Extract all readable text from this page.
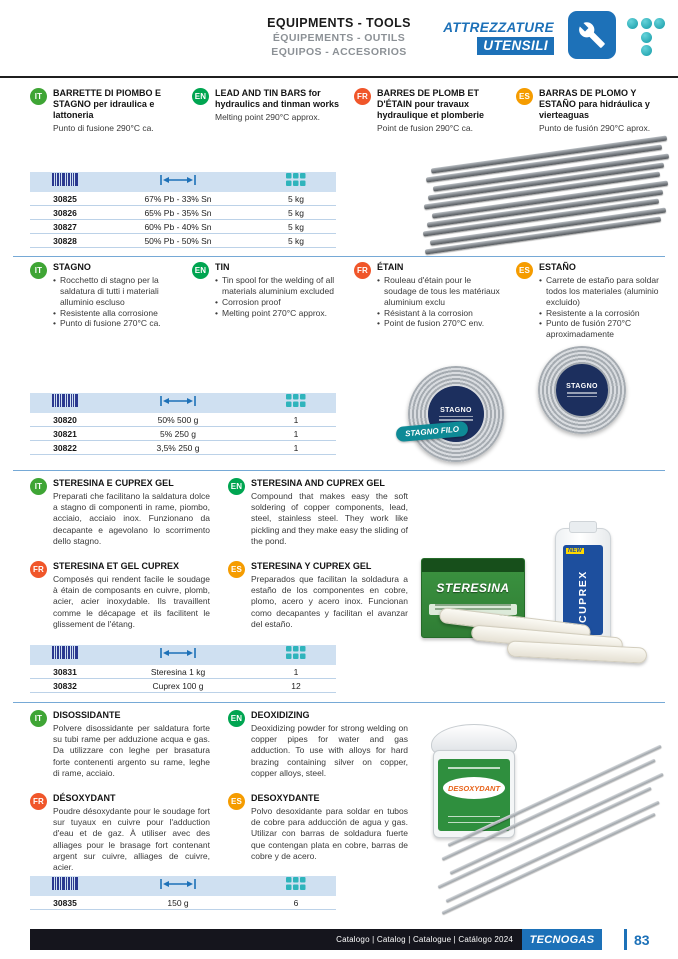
EQUIPMENTS - TOOLS
ÉQUIPEMENTS - OUTILS
EQUIPOS - ACCESORIOS
ATTREZZATURE
UTENSILI
IT	BARRETTE DI PIOMBO E STAGNO per idraulica e lattoneria
Punto di fusione 290°C ca.
EN LEAD AND TIN BARS for hydraulics and tinman works
Melting point 290°C approx.
FR BARRES DE PLOMB ET D'ÉTAIN pour travaux hydraulique et plomberie
Point de fusion 290°C ca.
ES BARRAS DE PLOMO Y ESTAÑO para hidráulica y vierteaguas
Punto de fusión 290°C aprox.
30825	67% Pb - 33% Sn	5 kg
30826	65% Pb - 35% Sn	5 kg
30827	60% Pb - 40% Sn	5 kg
30828	50% Pb - 50% Sn	5 kg
IT	STAGNO
• Rocchetto di stagno per la saldatura di tutti i materiali alluminio escluso
• Resistente alla corrosione
• Punto di fusione 270°C ca.
EN TIN
• Tin spool for the welding of all materials aluminium excluded
• Corrosion proof
• Melting point 270°C approx.
FR ÉTAIN
• Rouleau d'étain pour le soudage de tous les matériaux aluminium exclu
• Résistant à la corrosion
• Point de fusion 270°C env.
ES ESTAÑO
• Carrete de estaño para soldar todos los materiales (aluminio excluido)
• Resistente a la corrosión
• Punto de fusión 270°C aproximadamente
30820	50% 500 g	1
30821	5% 250 g	1
30822	3,5% 250 g	1
STAGNO
STAGNO
STAGNO FILO
IT	STERESINA E CUPREX GEL
Preparati che facilitano la saldatura dolce a stagno di componenti in rame, piombo, acciaio, acciaio inox. Funzionano da decapante e agevolano lo scorrimento dello stagno.
EN STERESINA AND CUPREX GEL
Compound that makes easy the soft soldering of copper components, lead, steel, stainless steel. They work like pickling and they make easy the sliding of the pond.
FR STERESINA ET GEL CUPREX
Composés qui rendent facile le soudage à étain de composants en cuivre, plomb, acier, acier inoxydable. Ils travaillent comme le décapage et ils facilitent le glissement de l'étang.
ES STERESINA Y CUPREX GEL
Preparados que facilitan la soldadura a estaño de los componentes en cobre, plomo, acero y acero inox. Funcionan como decapantes y facilitan el avanzar del estaño.
30831	Steresina 1 kg	1
30832	Cuprex 100 g	12
STERESINA
NEW
CUPREX
IT	DISOSSIDANTE
Polvere disossidante per saldatura forte su tubi rame per adduzione acqua e gas. Da utilizzare con leghe per brasatura forte contenenti argento su rame, leghe di rame, acciaio.
EN DEOXIDIZING
Deoxidizing powder for strong welding on copper pipes for water and gas adduction. To use with alloys for hard brazing containing silver on copper, copper alloys, steel.
FR DÉSOXYDANT
Poudre désoxydante pour le soudage fort sur tuyaux en cuivre pour l'adduction d'eau et de gaz. À utiliser avec des alliages pour le brasage fort contenant argent sur cuivre, alliages de cuivre, acier.
ES DESOXYDANTE
Polvo desoxidante para soldar en tubos de cobre para adducción de agua y gas. Utilizar con barras de soldadura fuerte que contengan plata en cobre, barras de cobre y de acero.
30835	150 g	6
DESOXYDANT
Catalogo | Catalog | Catalogue | Catálogo 2024	TECNOGAS	83
